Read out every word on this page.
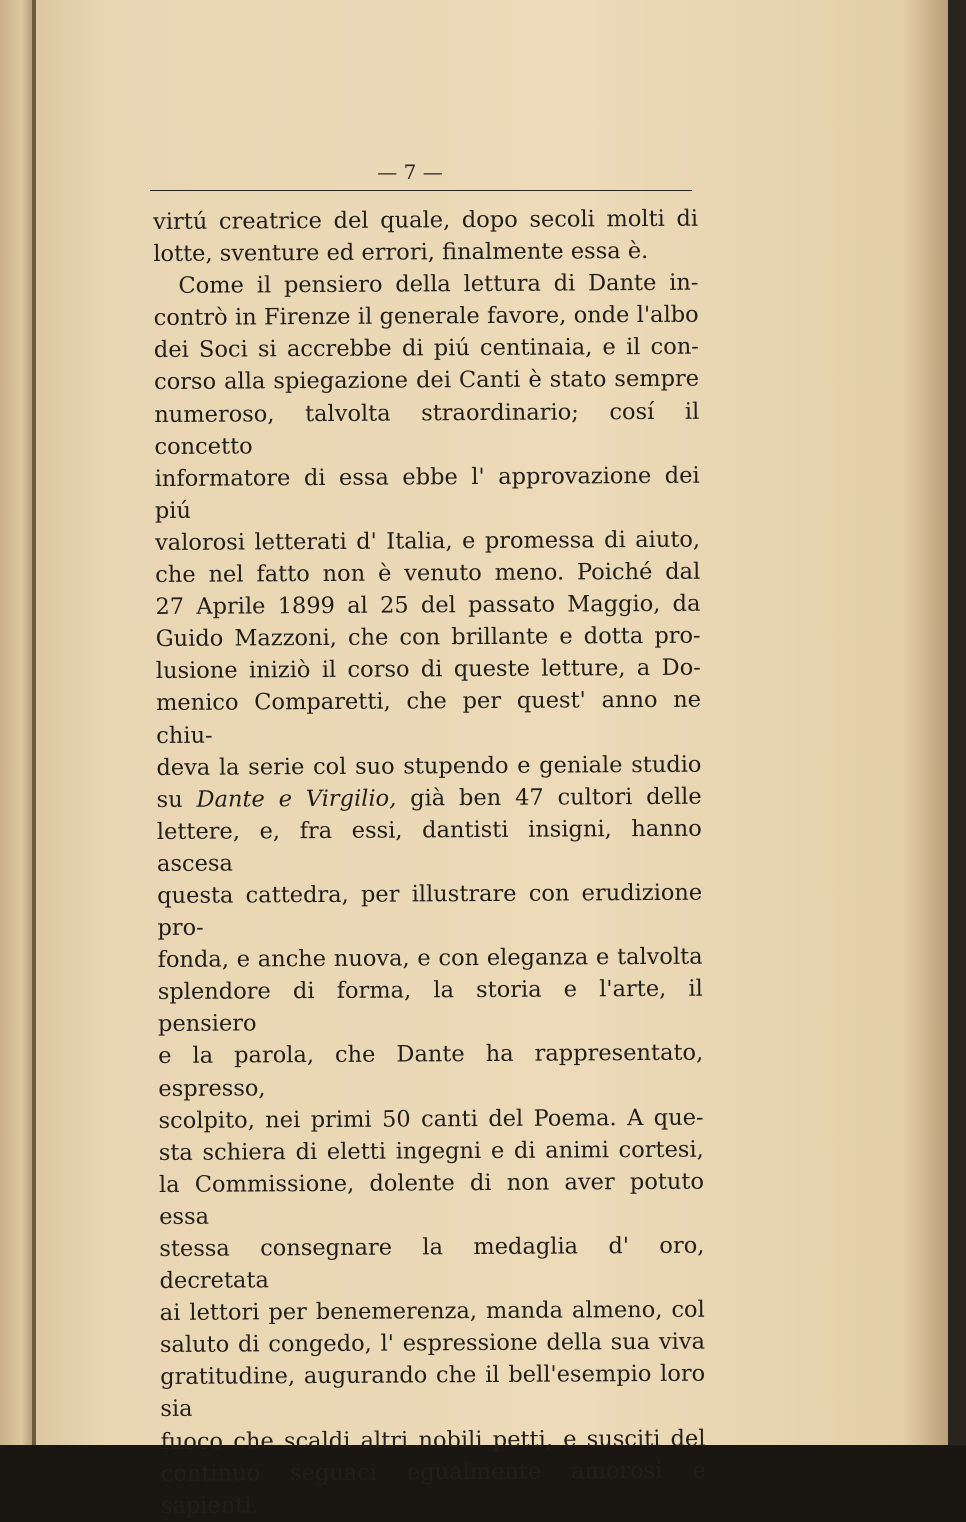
— 7 —
virtú creatrice del quale, dopo secoli molti di
lotte, sventure ed errori, finalmente essa è.
Come il pensiero della lettura di Dante in-
contrò in Firenze il generale favore, onde l'albo
dei Soci si accrebbe di piú centinaia, e il con-
corso alla spiegazione dei Canti è stato sempre
numeroso, talvolta straordinario; cosí il concetto
informatore di essa ebbe l' approvazione dei piú
valorosi letterati d' Italia, e promessa di aiuto,
che nel fatto non è venuto meno. Poiché dal
27 Aprile 1899 al 25 del passato Maggio, da
Guido Mazzoni, che con brillante e dotta pro-
lusione iniziò il corso di queste letture, a Do-
menico Comparetti, che per quest' anno ne chiu-
deva la serie col suo stupendo e geniale studio
su Dante e Virgilio, già ben 47 cultori delle
lettere, e, fra essi, dantisti insigni, hanno ascesa
questa cattedra, per illustrare con erudizione pro-
fonda, e anche nuova, e con eleganza e talvolta
splendore di forma, la storia e l'arte, il pensiero
e la parola, che Dante ha rappresentato, espresso,
scolpito, nei primi 50 canti del Poema. A que-
sta schiera di eletti ingegni e di animi cortesi,
la Commissione, dolente di non aver potuto essa
stessa consegnare la medaglia d' oro, decretata
ai lettori per benemerenza, manda almeno, col
saluto di congedo, l' espressione della sua viva
gratitudine, augurando che il bell'esempio loro sia
fuoco che scaldi altri nobili petti, e susciti del
continuo seguaci egualmente amorosi e sapienti.
